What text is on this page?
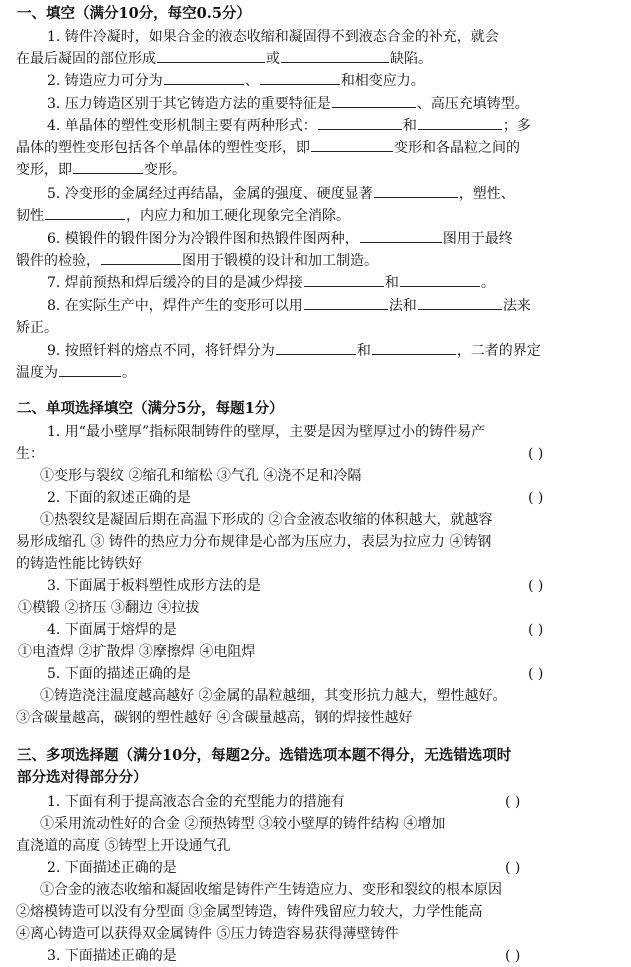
一、填空（满分10分，每空0.5分）
1. 铸件冷凝时，如果合金的液态收缩和凝固得不到液态合金的补充，就会
在最后凝固的部位形成	或	缺陷。
2. 铸造应力可分为	、	和相变应力。
3. 压力铸造区别于其它铸造方法的重要特征是	、高压充填铸型。
4. 单晶体的塑性变形机制主要有两种形式：	和	；多
晶体的塑性变形包括各个单晶体的塑性变形，即	变形和各晶粒之间的
变形，即	变形。
5. 冷变形的金属经过再结晶，金属的强度、硬度显著	，塑性、
韧性	，内应力和加工硬化现象完全消除。
6. 模锻件的锻件图分为冷锻件图和热锻件图两种，	图用于最终
锻件的检验，	图用于锻模的设计和加工制造。
7. 焊前预热和焊后缓冷的目的是减少焊接	和	。
8. 在实际生产中，焊件产生的变形可以用	法和	法来
矫正。
9. 按照钎料的熔点不同，将钎焊分为	和	，二者的界定
温度为	。
二、单项选择填空（满分5分，每题1分）
1. 用“最小壁厚”指标限制铸件的壁厚，主要是因为壁厚过小的铸件易产
生：	( )
①变形与裂纹 ②缩孔和缩松 ③气孔 ④浇不足和冷隔
2. 下面的叙述正确的是	( )
①热裂纹是凝固后期在高温下形成的 ②合金液态收缩的体积越大，就越容
易形成缩孔 ③ 铸件的热应力分布规律是心部为压应力，表层为拉应力 ④铸钢
的铸造性能比铸铁好
3. 下面属于板料塑性成形方法的是	( )
①模锻 ②挤压 ③翻边 ④拉拔
4. 下面属于熔焊的是	( )
①电渣焊 ②扩散焊 ③摩擦焊 ④电阻焊
5. 下面的描述正确的是	( )
①铸造浇注温度越高越好 ②金属的晶粒越细，其变形抗力越大，塑性越好。
③含碳量越高，碳钢的塑性越好 ④含碳量越高，钢的焊接性越好
三、多项选择题（满分10分，每题2分。选错选项本题不得分，无选错选项时
部分选对得部分分）
1. 下面有利于提高液态合金的充型能力的措施有	( )
①采用流动性好的合金 ②预热铸型 ③较小壁厚的铸件结构 ④增加
直浇道的高度 ⑤铸型上开设通气孔
2. 下面描述正确的是	( )
①合金的液态收缩和凝固收缩是铸件产生铸造应力、变形和裂纹的根本原因
②熔模铸造可以没有分型面 ③金属型铸造，铸件残留应力较大，力学性能高
④离心铸造可以获得双金属铸件 ⑤压力铸造容易获得薄壁铸件
3. 下面描述正确的是	( )
